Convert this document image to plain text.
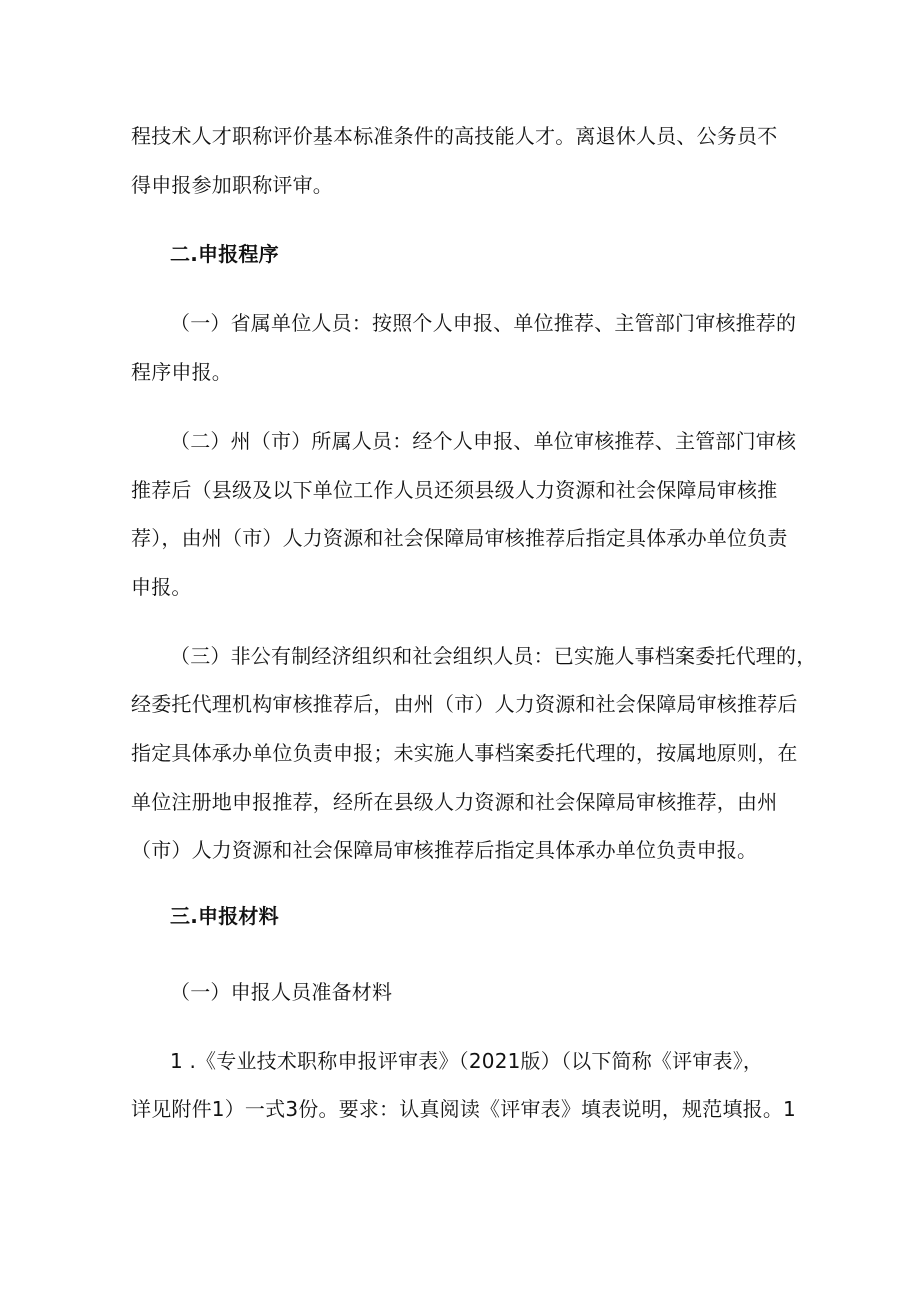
程技术人才职称评价基本标准条件的高技能人才。离退休人员、公务员不
得申报参加职称评审。
二.申报程序
（一）省属单位人员：按照个人申报、单位推荐、主管部门审核推荐的
程序申报。
（二）州（市）所属人员：经个人申报、单位审核推荐、主管部门审核
推荐后（县级及以下单位工作人员还须县级人力资源和社会保障局审核推
荐），由州（市）人力资源和社会保障局审核推荐后指定具体承办单位负责
申报。
（三）非公有制经济组织和社会组织人员：已实施人事档案委托代理的，
经委托代理机构审核推荐后，由州（市）人力资源和社会保障局审核推荐后
指定具体承办单位负责申报；未实施人事档案委托代理的，按属地原则，在
单位注册地申报推荐，经所在县级人力资源和社会保障局审核推荐，由州
（市）人力资源和社会保障局审核推荐后指定具体承办单位负责申报。
三.申报材料
（一）申报人员准备材料
1 .《专业技术职称申报评审表》（2021版）（以下简称《评审表》，
详见附件1）一式3份。要求：认真阅读《评审表》填表说明，规范填报。1
